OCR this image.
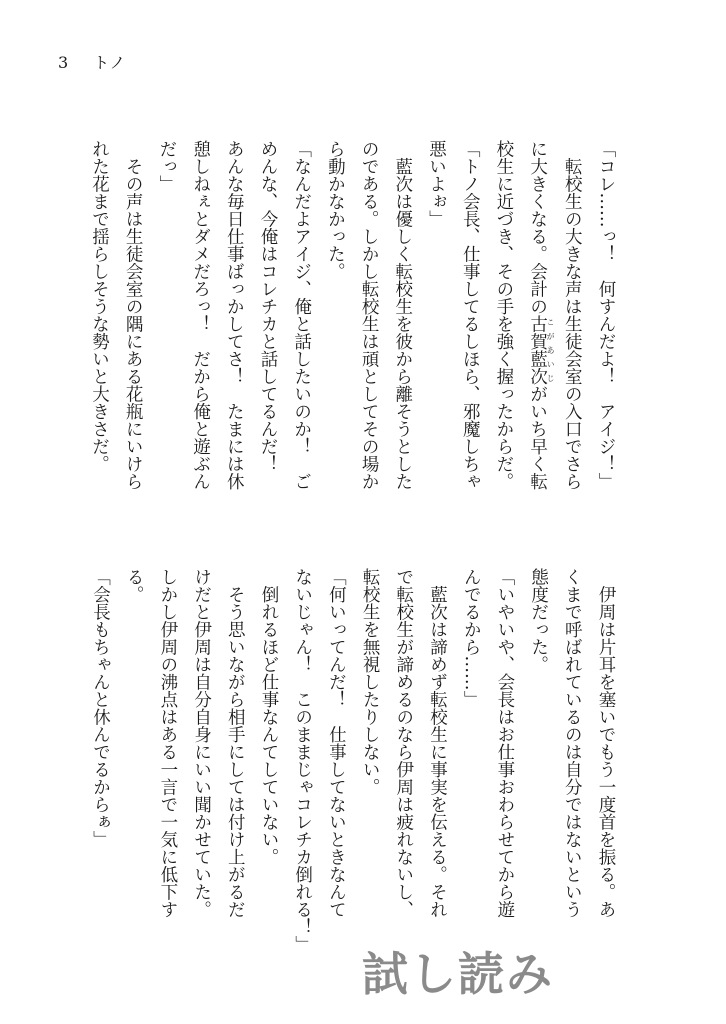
3 トノ
「コレ……っ！　何すんだよ！　アイジ！」
　転校生の大きな声は生徒会室の入口でさら
に大きくなる。会計の古賀藍次こがあいじがいち早く転
校生に近づき、その手を強く握ったからだ。
「トノ会長、仕事してるしほら、邪魔しちゃ
悪いよぉ」
　藍次は優しく転校生を彼から離そうとした
のである。しかし転校生は頑としてその場か
ら動かなかった。
「なんだよアイジ、俺と話したいのか！　ご
めんな、今俺はコレチカと話してるんだ！
あんな毎日仕事ばっかしてさ！　たまには休
憩しねぇとダメだろっ！　だから俺と遊ぶん
だっ」
　その声は生徒会室の隅にある花瓶にいけら
れた花まで揺らしそうな勢いと大きさだ。
　伊周は片耳を塞いでもう一度首を振る。あ
くまで呼ばれているのは自分ではないという
態度だった。
「いやいや、会長はお仕事おわらせてから遊
んでるから……」
　藍次は諦めず転校生に事実を伝える。それ
で転校生が諦めるのなら伊周は疲れないし、
転校生を無視したりしない。
「何いってんだ！　仕事してないときなんて
ないじゃん！　このままじゃコレチカ倒れる！」
　倒れるほど仕事なんてしていない。
　そう思いながら相手にしては付け上がるだ
けだと伊周は自分自身にいい聞かせていた。
しかし伊周の沸点はある一言で一気に低下す
る。
「会長もちゃんと休んでるからぁ」
試し読み
